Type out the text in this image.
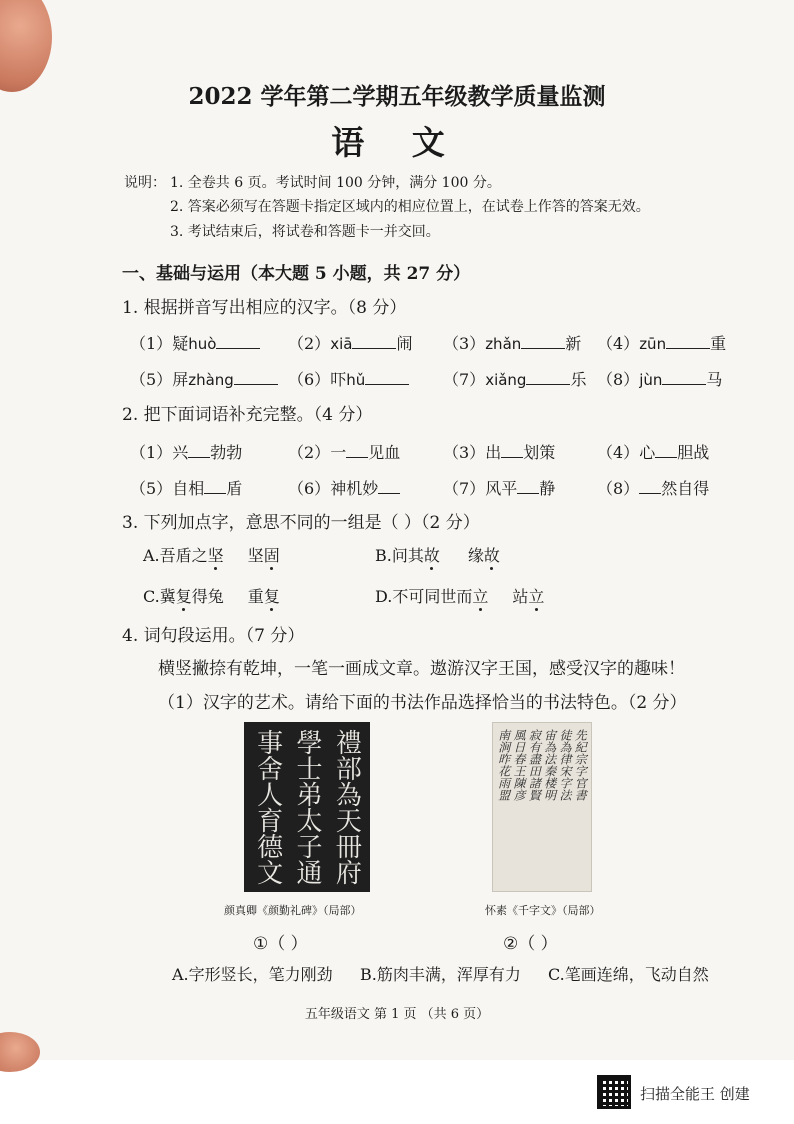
2022 学年第二学期五年级教学质量监测
语 文
说明： 1. 全卷共 6 页。考试时间 100 分钟，满分 100 分。
2. 答案必须写在答题卡指定区域内的相应位置上，在试卷上作答的答案无效。
3. 考试结束后，将试卷和答题卡一并交回。
一、基础与运用（本大题 5 小题，共 27 分）
1. 根据拼音写出相应的汉字。（8 分）
（1）疑huò	（2）xiā	闹 （3）zhǎn	新 （4）zūn	重
（5）屏zhàng	（6）吓hǔ	（7）xiǎng	乐 （8）jùn	马
2. 把下面词语补充完整。（4 分）
（1）兴 勃勃	（2）一 见血	（3）出 划策	（4）心 胆战
（5）自相 盾	（6）神机妙	（7）风平 静	（8） 然自得
3. 下列加点字，意思不同的一组是（ ）（2 分）
A.吾盾之坚 坚固	B.问其故 缘故
C.冀复得兔 重复	D.不可同世而立 站立
4. 词句段运用。（7 分）
横竖撇捺有乾坤，一笔一画成文章。遨游汉字王国，感受汉字的趣味！
（1）汉字的艺术。请给下面的书法作品选择恰当的书法特色。（2 分）
禮部為天冊府
學士弟太子通
事舍人育德文	先紀宗字官書
徒為律宋字法
宙為法秦楼明
寂有盡田諸賢
風日春王陳彦
南涧昨花雨盟
颜真卿《颜勤礼碑》（局部）	怀素《千字文》（局部）
①（ ）	②（ ）
A.字形竖长，笔力刚劲 B.筋肉丰满，浑厚有力 C.笔画连绵，飞动自然
五年级语文 第 1 页 （共 6 页）
扫描全能王 创建
